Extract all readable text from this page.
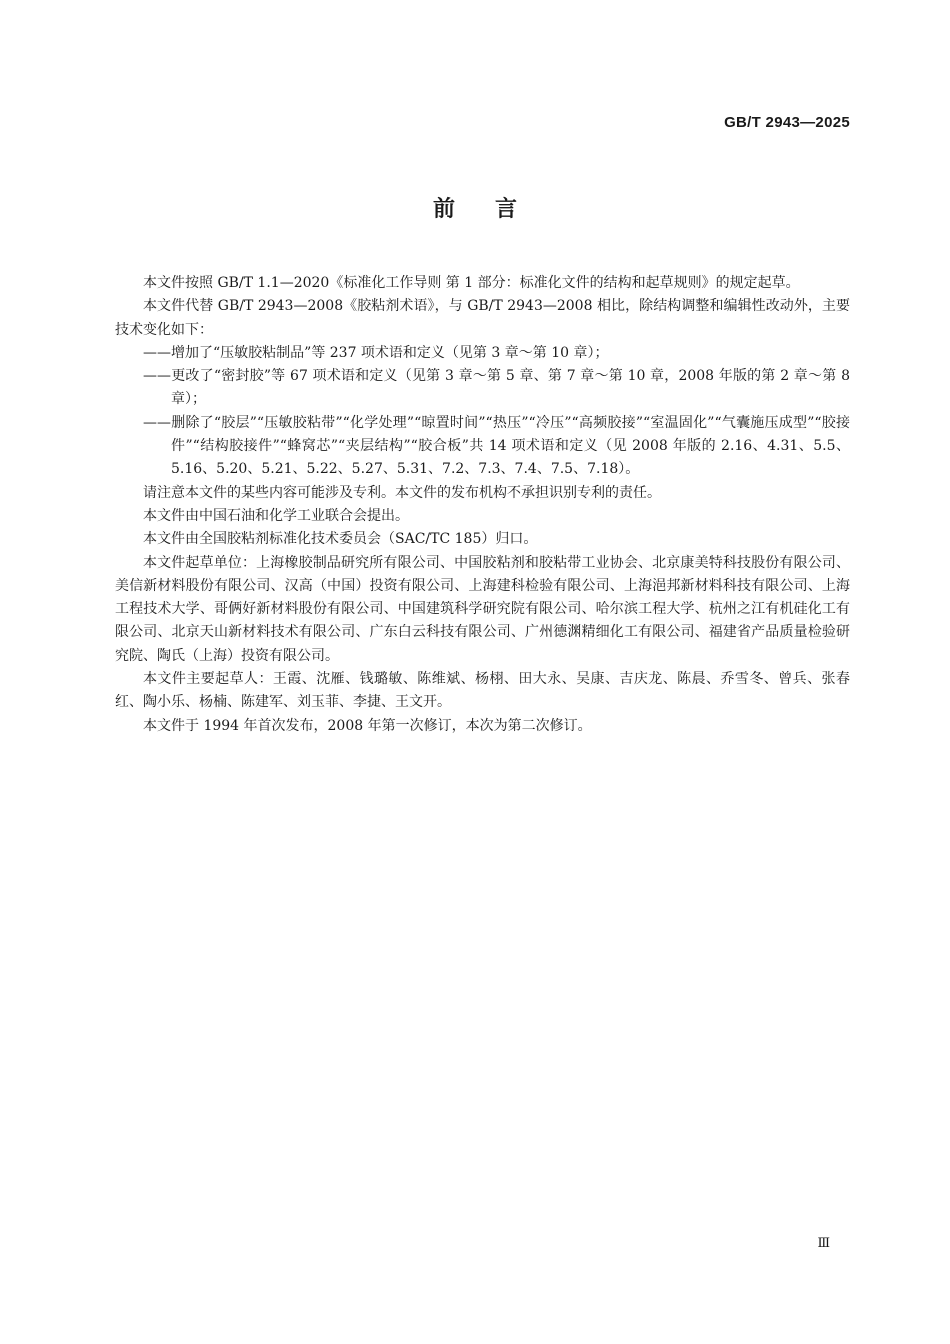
GB/T 2943—2025
前言

本文件按照 GB/T 1.1—2020《标准化工作导则 第 1 部分：标准化文件的结构和起草规则》的规定起草。

本文件代替 GB/T 2943—2008《胶粘剂术语》，与 GB/T 2943—2008 相比，除结构调整和编辑性改动外，主要技术变化如下：

——增加了“压敏胶粘制品”等 237 项术语和定义（见第 3 章～第 10 章）；

——更改了“密封胶”等 67 项术语和定义（见第 3 章～第 5 章、第 7 章～第 10 章，2008 年版的第 2 章～第 8 章）；

——删除了“胶层”“压敏胶粘带”“化学处理”“晾置时间”“热压”“冷压”“高频胶接”“室温固化”“气囊施压成型”“胶接件”“结构胶接件”“蜂窝芯”“夹层结构”“胶合板”共 14 项术语和定义（见 2008 年版的 2.16、4.31、5.5、5.16、5.20、5.21、5.22、5.27、5.31、7.2、7.3、7.4、7.5、7.18）。

请注意本文件的某些内容可能涉及专利。本文件的发布机构不承担识别专利的责任。

本文件由中国石油和化学工业联合会提出。

本文件由全国胶粘剂标准化技术委员会（SAC/TC 185）归口。

本文件起草单位：上海橡胶制品研究所有限公司、中国胶粘剂和胶粘带工业协会、北京康美特科技股份有限公司、美信新材料股份有限公司、汉高（中国）投资有限公司、上海建科检验有限公司、上海浥邦新材料科技有限公司、上海工程技术大学、哥俩好新材料股份有限公司、中国建筑科学研究院有限公司、哈尔滨工程大学、杭州之江有机硅化工有限公司、北京天山新材料技术有限公司、广东白云科技有限公司、广州德渊精细化工有限公司、福建省产品质量检验研究院、陶氏（上海）投资有限公司。

本文件主要起草人：王霞、沈雁、钱璐敏、陈维斌、杨栩、田大永、吴康、吉庆龙、陈晨、乔雪冬、曾兵、张春红、陶小乐、杨楠、陈建军、刘玉菲、李捷、王文开。

本文件于 1994 年首次发布，2008 年第一次修订，本次为第二次修订。

Ⅲ
